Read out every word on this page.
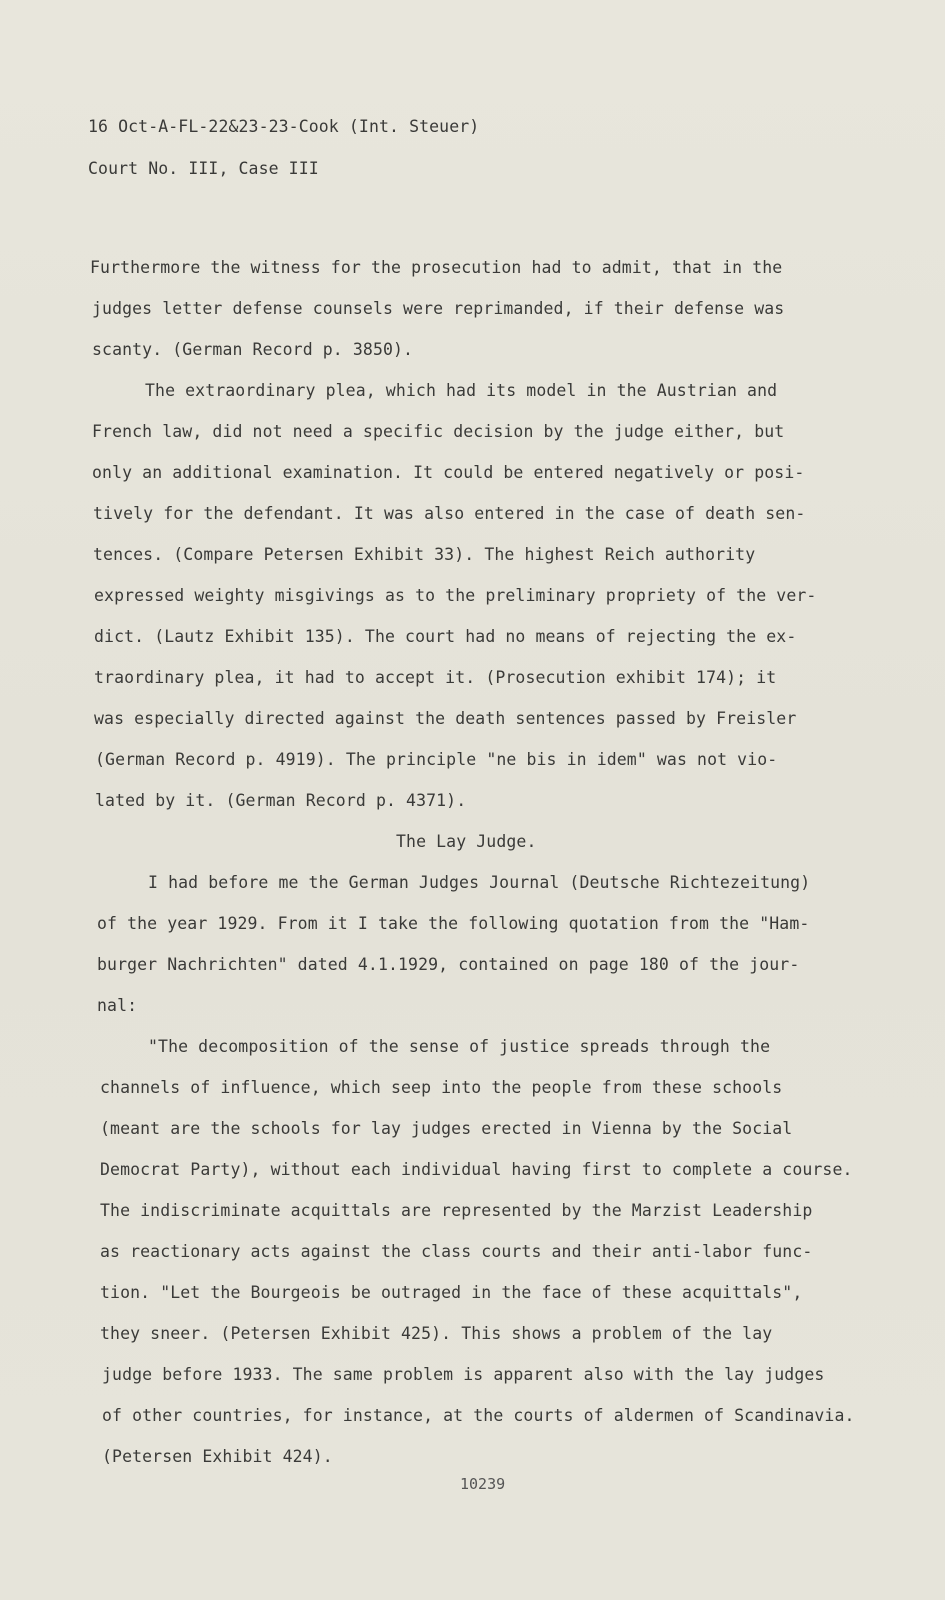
16 Oct-A-FL-22&23-23-Cook (Int. Steuer)
Court No. III, Case III
Furthermore the witness for the prosecution had to admit, that in the
judges letter defense counsels were reprimanded, if their defense was
scanty. (German Record p. 3850).
The extraordinary plea, which had its model in the Austrian and
French law, did not need a specific decision by the judge either, but
only an additional examination. It could be entered negatively or posi-
tively for the defendant. It was also entered in the case of death sen-
tences. (Compare Petersen Exhibit 33). The highest Reich authority
expressed weighty misgivings as to the preliminary propriety of the ver-
dict. (Lautz Exhibit 135). The court had no means of rejecting the ex-
traordinary plea, it had to accept it. (Prosecution exhibit 174); it
was especially directed against the death sentences passed by Freisler
(German Record p. 4919). The principle "ne bis in idem" was not vio-
lated by it. (German Record p. 4371).
The Lay Judge.
I had before me the German Judges Journal (Deutsche Richtezeitung)
of the year 1929. From it I take the following quotation from the "Ham-
burger Nachrichten" dated 4.1.1929, contained on page 180 of the jour-
nal:
"The decomposition of the sense of justice spreads through the
channels of influence, which seep into the people from these schools
(meant are the schools for lay judges erected in Vienna by the Social
Democrat Party), without each individual having first to complete a course.
The indiscriminate acquittals are represented by the Marzist Leadership
as reactionary acts against the class courts and their anti-labor func-
tion. "Let the Bourgeois be outraged in the face of these acquittals",
they sneer. (Petersen Exhibit 425). This shows a problem of the lay
judge before 1933. The same problem is apparent also with the lay judges
of other countries, for instance, at the courts of aldermen of Scandinavia.
(Petersen Exhibit 424).
10239
